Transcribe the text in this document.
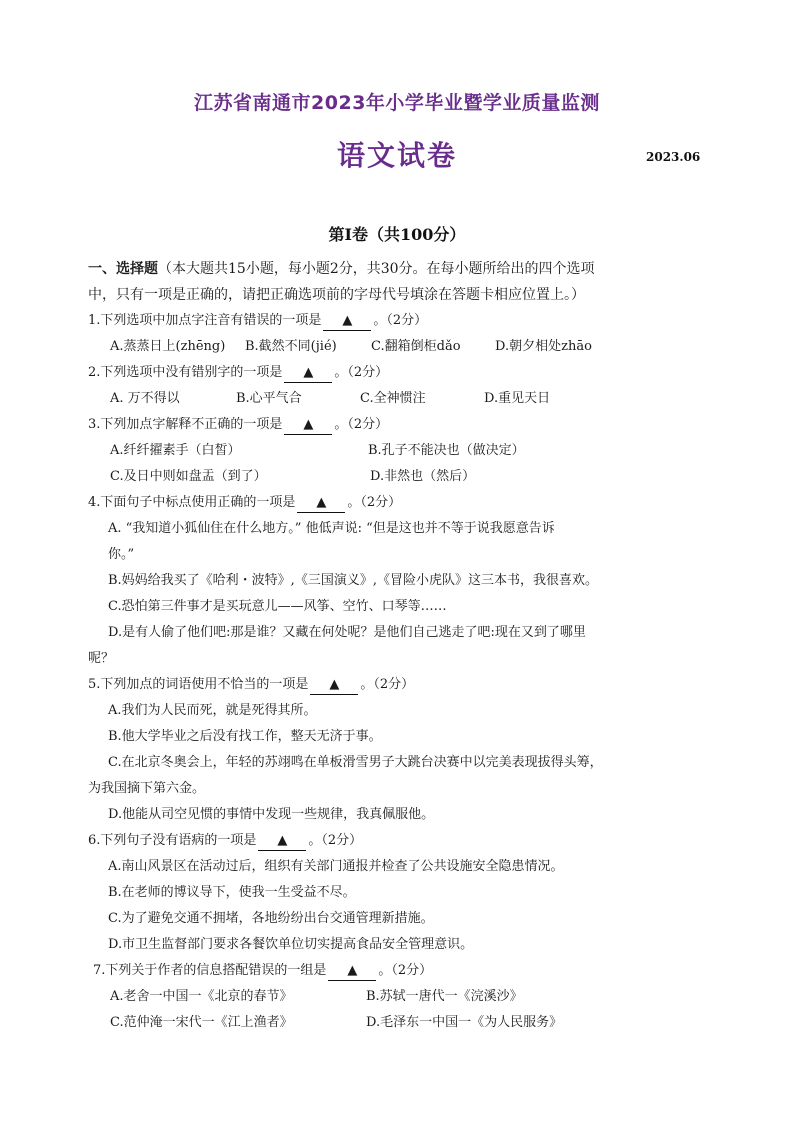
江苏省南通市2023年小学毕业暨学业质量监测
语文试卷	2023.06
第Ⅰ卷（共100分）
一、选择题（本大题共15小题，每小题2分，共30分。在每小题所给出的四个选项
中，只有一项是正确的，请把正确选项前的字母代号填涂在答题卡相应位置上。）
1.下列选项中加点字注音有错误的一项是 ▲ 。（2分）
A.蒸蒸日上(zhēng)	B.截然不同(jié)	C.翻箱倒柜dǎo	D.朝夕相处zhāo
2.下列选项中没有错别字的一项是 ▲ 。（2分）
A. 万不得以	B.心平气合	C.全神惯注	D.重见天日
3.下列加点字解释不正确的一项是 ▲ 。（2分）
A.纤纤擢素手（白皙）	B.孔子不能决也（做决定）
C.及日中则如盘盂（到了）	D.非然也（然后）
4.下面句子中标点使用正确的一项是 ▲ 。（2分）
A. “我知道小狐仙住在什么地方。” 他低声说: “但是这也并不等于说我愿意告诉
你。”
B.妈妈给我买了《哈利・波特》,《三国演义》,《冒险小虎队》这三本书，我很喜欢。
C.恐怕第三件事才是买玩意儿——风筝、空竹、口琴等……
D.是有人偷了他们吧:那是谁？又藏在何处呢？是他们自己逃走了吧:现在又到了哪里
呢？
5.下列加点的词语使用不恰当的一项是 ▲ 。（2分）
A.我们为人民而死，就是死得其所。
B.他大学毕业之后没有找工作，整天无济于事。
C.在北京冬奥会上，年轻的苏翊鸣在单板滑雪男子大跳台决赛中以完美表现拔得头筹，
为我国摘下第六金。
D.他能从司空见惯的事情中发现一些规律，我真佩服他。
6.下列句子没有语病的一项是 ▲ 。（2分）
A.南山风景区在活动过后，组织有关部门通报并检查了公共设施安全隐患情况。
B.在老师的博议导下，使我一生受益不尽。
C.为了避免交通不拥堵，各地纷纷出台交通管理新措施。
D.市卫生监督部门要求各餐饮单位切实提高食品安全管理意识。
7.下列关于作者的信息搭配错误的一组是 ▲ 。（2分）
A.老舍一中国一《北京的春节》	B.苏轼一唐代一《浣溪沙》
C.范仲淹一宋代一《江上渔者》	D.毛泽东一中国一《为人民服务》
